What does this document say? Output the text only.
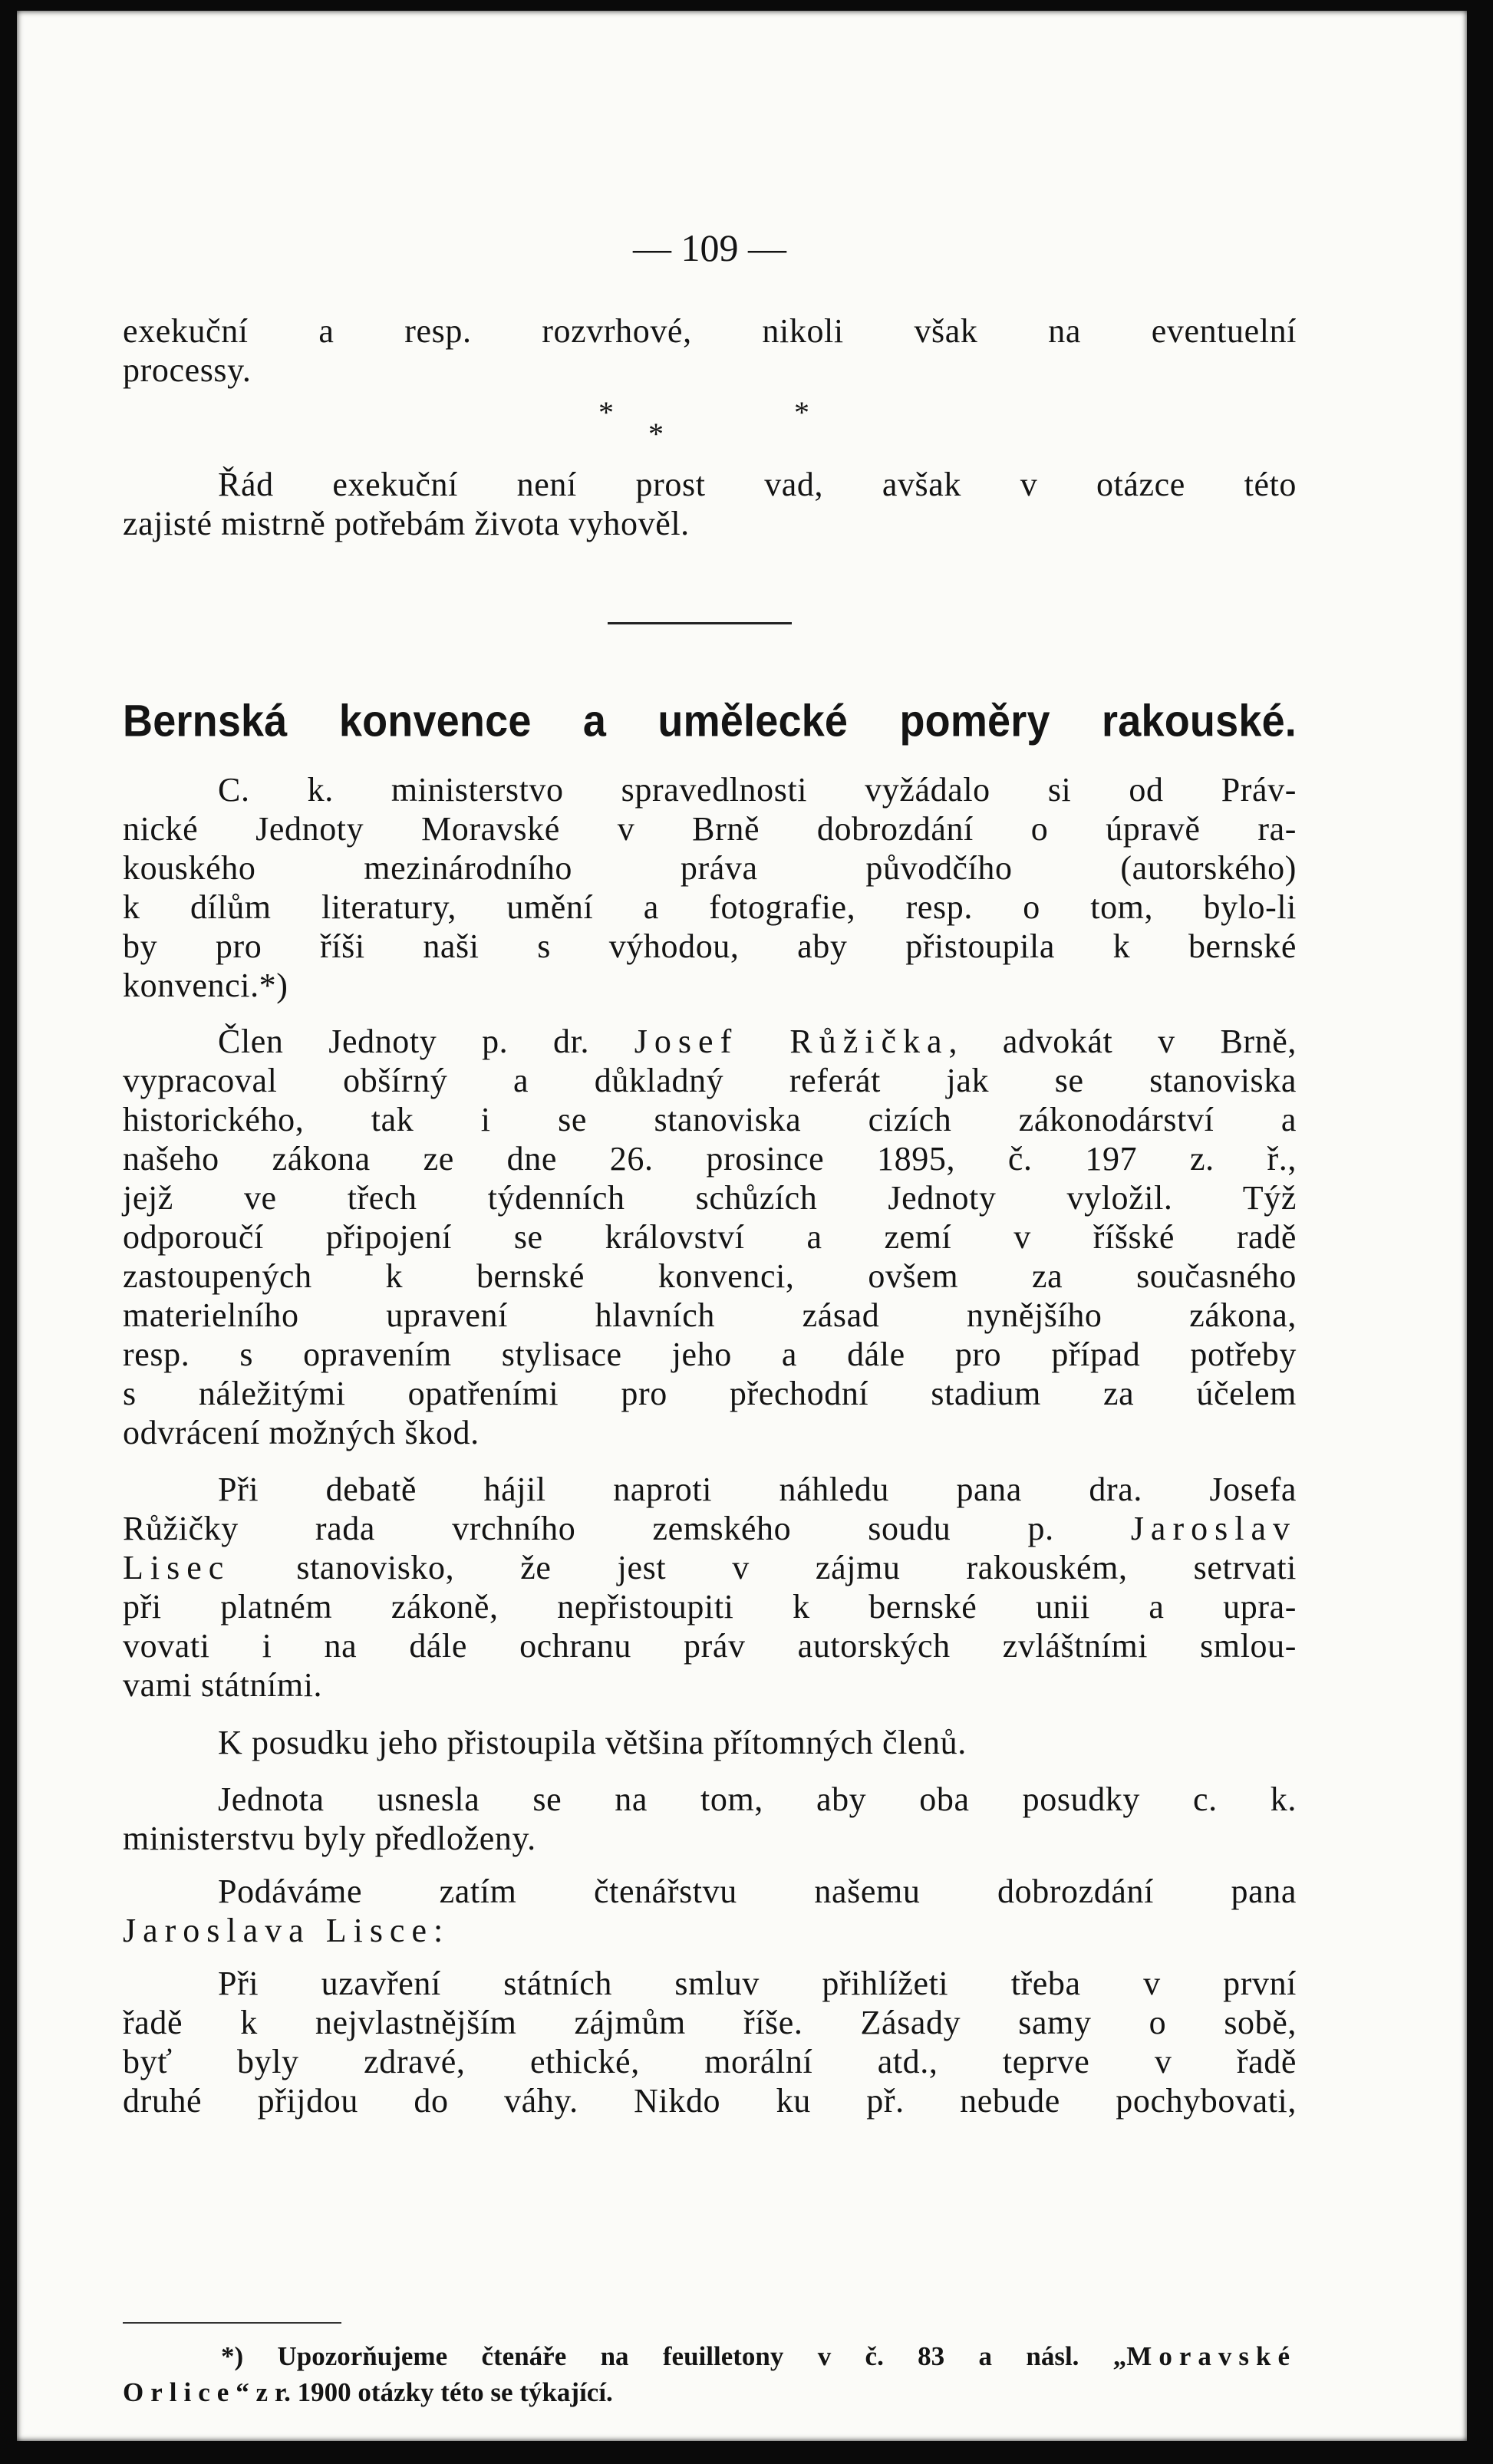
— 109 —
exekuční a resp. rozvrhové, nikoli však na eventuelní
processy.
*
*
*
Řád exekuční není prost vad, avšak v otázce této
zajisté mistrně potřebám života vyhověl.
Bernská konvence a umělecké poměry rakouské.
C. k. ministerstvo spravedlnosti vyžádalo si od Práv-
nické Jednoty Moravské v Brně dobrozdání o úpravě ra-
kouského mezinárodního práva původčího (autorského)
k dílům literatury, umění a fotografie, resp. o tom, bylo-li
by pro říši naši s výhodou, aby přistoupila k bernské
konvenci.*)
Člen Jednoty p. dr. Josef Růžička, advokát v Brně,
vypracoval obšírný a důkladný referát jak se stanoviska
historického, tak i se stanoviska cizích zákonodárství a
našeho zákona ze dne 26. prosince 1895, č. 197 z. ř.,
jejž ve třech týdenních schůzích Jednoty vyložil. Týž
odporoučí připojení se království a zemí v říšské radě
zastoupených k bernské konvenci, ovšem za současného
materielního upravení hlavních zásad nynějšího zákona,
resp. s opravením stylisace jeho a dále pro případ potřeby
s náležitými opatřeními pro přechodní stadium za účelem
odvrácení možných škod.
Při debatě hájil naproti náhledu pana dra. Josefa
Růžičky rada vrchního zemského soudu p. Jaroslav
Lisec stanovisko, že jest v zájmu rakouském, setrvati
při platném zákoně, nepřistoupiti k bernské unii a upra-
vovati i na dále ochranu práv autorských zvláštními smlou-
vami státními.
K posudku jeho přistoupila většina přítomných členů.
Jednota usnesla se na tom, aby oba posudky c. k.
ministerstvu byly předloženy.
Podáváme zatím čtenářstvu našemu dobrozdání pana
Jaroslava Lisce:
Při uzavření státních smluv přihlížeti třeba v první
řadě k nejvlastnějším zájmům říše. Zásady samy o sobě,
byť byly zdravé, ethické, morální atd., teprve v řadě
druhé přijdou do váhy. Nikdo ku př. nebude pochybovati,
*) Upozorňujeme čtenáře na feuilletony v č. 83 a násl. „Moravské
Orlice“ z r. 1900 otázky této se týkající.
